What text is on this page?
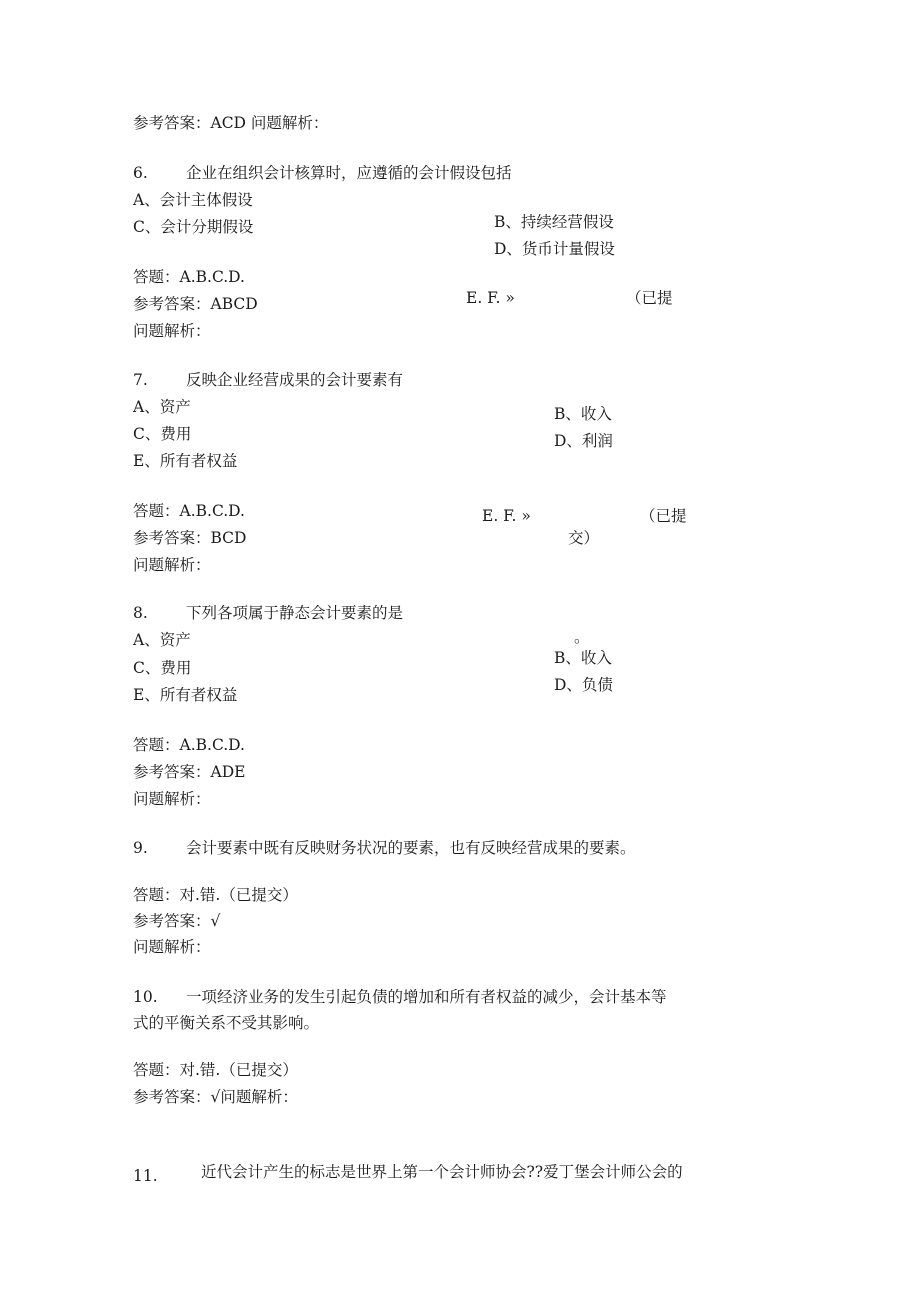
参考答案：ACD 问题解析：
6. 企业在组织会计核算时，应遵循的会计假设包括
A、会计主体假设
C、会计分期假设	B、持续经营假设
D、货币计量假设
答题：A.B.C.D.
E. F. »	（已提
参考答案：ABCD
问题解析：
7. 反映企业经营成果的会计要素有
A、资产
C、费用
E、所有者权益
B、收入
D、利润
答题：A.B.C.D.	E. F. »	（已提
参考答案：BCD	交）
问题解析：
8. 下列各项属于静态会计要素的是
A、资产
C、费用
E、所有者权益
。
B、收入
D、负债
答题：A.B.C.D.
参考答案：ADE
问题解析：
9. 会计要素中既有反映财务状况的要素，也有反映经营成果的要素。
答题：对.错.（已提交）
参考答案：√
问题解析：
10. 一项经济业务的发生引起负债的增加和所有者权益的减少，会计基本等
式的平衡关系不受其影响。
答题：对.错.（已提交）
参考答案：√问题解析：
11.	近代会计产生的标志是世界上第一个会计师协会??爱丁堡会计师公会的
